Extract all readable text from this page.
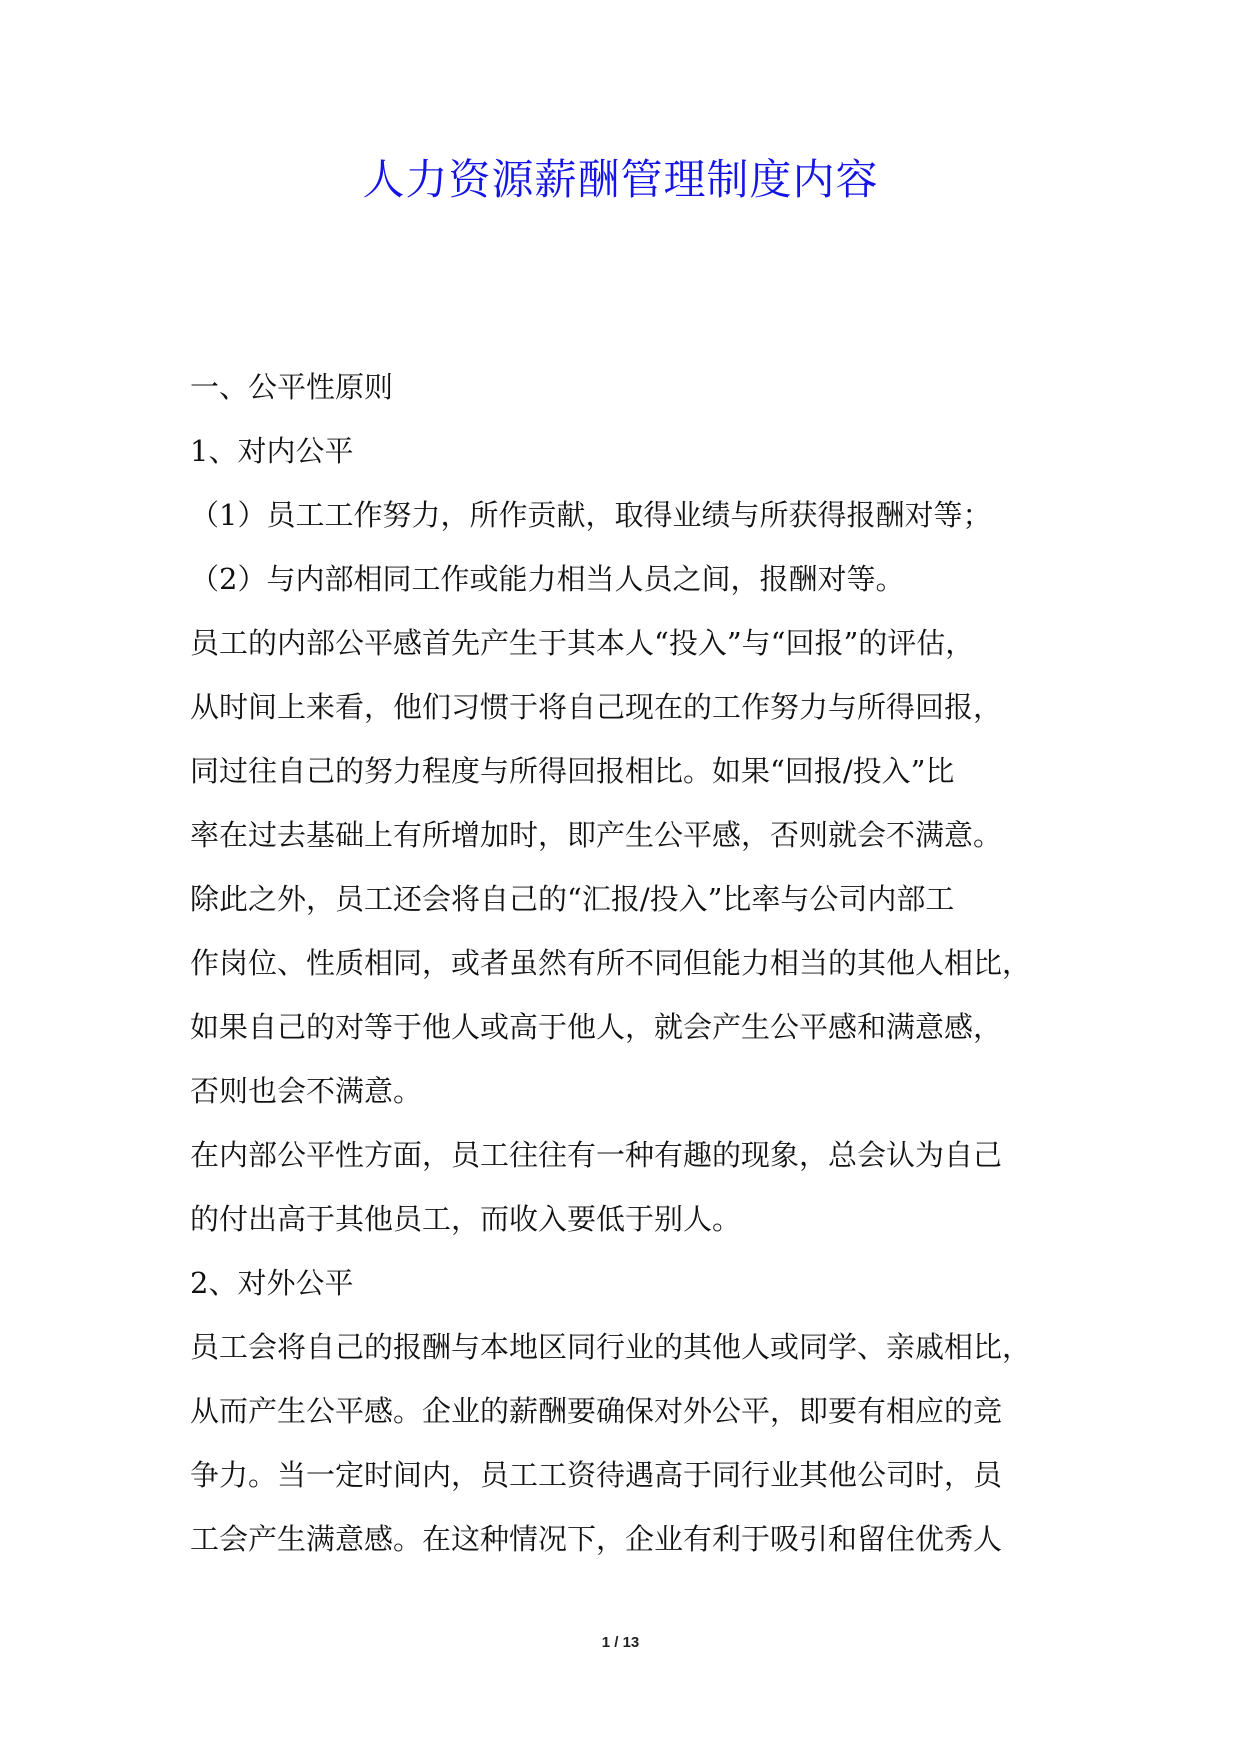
人力资源薪酬管理制度内容
一、公平性原则
1、对内公平
（1）员工工作努力，所作贡献，取得业绩与所获得报酬对等；
（2）与内部相同工作或能力相当人员之间，报酬对等。
员工的内部公平感首先产生于其本人“投入”与“回报”的评估，
从时间上来看，他们习惯于将自己现在的工作努力与所得回报，
同过往自己的努力程度与所得回报相比。如果“回报/投入”比
率在过去基础上有所增加时，即产生公平感，否则就会不满意。
除此之外，员工还会将自己的“汇报/投入”比率与公司内部工
作岗位、性质相同，或者虽然有所不同但能力相当的其他人相比，
如果自己的对等于他人或高于他人，就会产生公平感和满意感，
否则也会不满意。
在内部公平性方面，员工往往有一种有趣的现象，总会认为自己
的付出高于其他员工，而收入要低于别人。
2、对外公平
员工会将自己的报酬与本地区同行业的其他人或同学、亲戚相比，
从而产生公平感。企业的薪酬要确保对外公平，即要有相应的竞
争力。当一定时间内，员工工资待遇高于同行业其他公司时，员
工会产生满意感。在这种情况下，企业有利于吸引和留住优秀人
1 / 13
